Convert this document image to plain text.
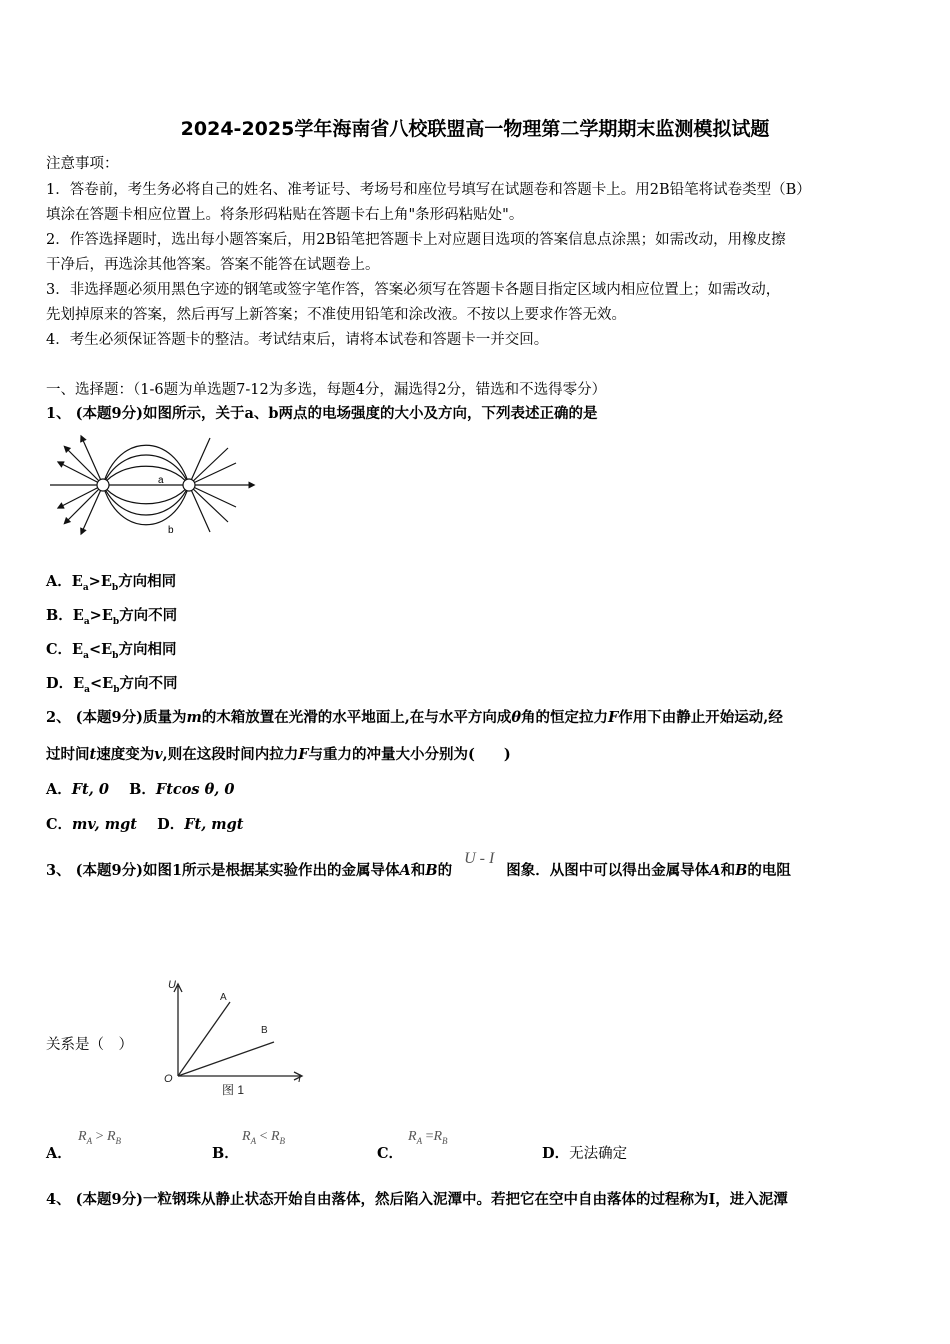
2024-2025学年海南省八校联盟高一物理第二学期期末监测模拟试题
注意事项：
1．答卷前，考生务必将自己的姓名、准考证号、考场号和座位号填写在试题卷和答题卡上。用2B铅笔将试卷类型（B）
填涂在答题卡相应位置上。将条形码粘贴在答题卡右上角"条形码粘贴处"。
2．作答选择题时，选出每小题答案后，用2B铅笔把答题卡上对应题目选项的答案信息点涂黑；如需改动，用橡皮擦
干净后，再选涂其他答案。答案不能答在试题卷上。
3．非选择题必须用黑色字迹的钢笔或签字笔作答，答案必须写在答题卡各题目指定区域内相应位置上；如需改动，
先划掉原来的答案，然后再写上新答案；不准使用铅笔和涂改液。不按以上要求作答无效。
4．考生必须保证答题卡的整洁。考试结束后，请将本试卷和答题卡一并交回。
一、选择题：（1-6题为单选题7-12为多选，每题4分，漏选得2分，错选和不选得零分）
1、 (本题9分)如图所示，关于a、b两点的电场强度的大小及方向，下列表述正确的是
a
b
A．$E_a>E_b$方向相同
B．$E_a>E_b$方向不同
C．$E_a<E_b$方向相同
D．$E_a<E_b$方向不同
2、 (本题9分)质量为m的木箱放置在光滑的水平地面上,在与水平方向成θ角的恒定拉力F作用下由静止开始运动,经
过时间t速度变为v,则在这段时间内拉力F与重力的冲量大小分别为(　　)
A．Ft, 0 B．Ftcos θ, 0
C．mv, mgt D．Ft, mgt
3、 (本题9分)如图1所示是根据某实验作出的金属导体A和B的U - I图象．从图中可以得出金属导体A和B的电阻
关系是（　）
U
I
O
A
B
图 1
A．
$R_A > R_B$
B．
$R_A < R_B$
C．
$R_A =R_B$
D．无法确定
4、 (本题9分)一粒钢珠从静止状态开始自由落体，然后陷入泥潭中。若把它在空中自由落体的过程称为Ⅰ，进入泥潭
